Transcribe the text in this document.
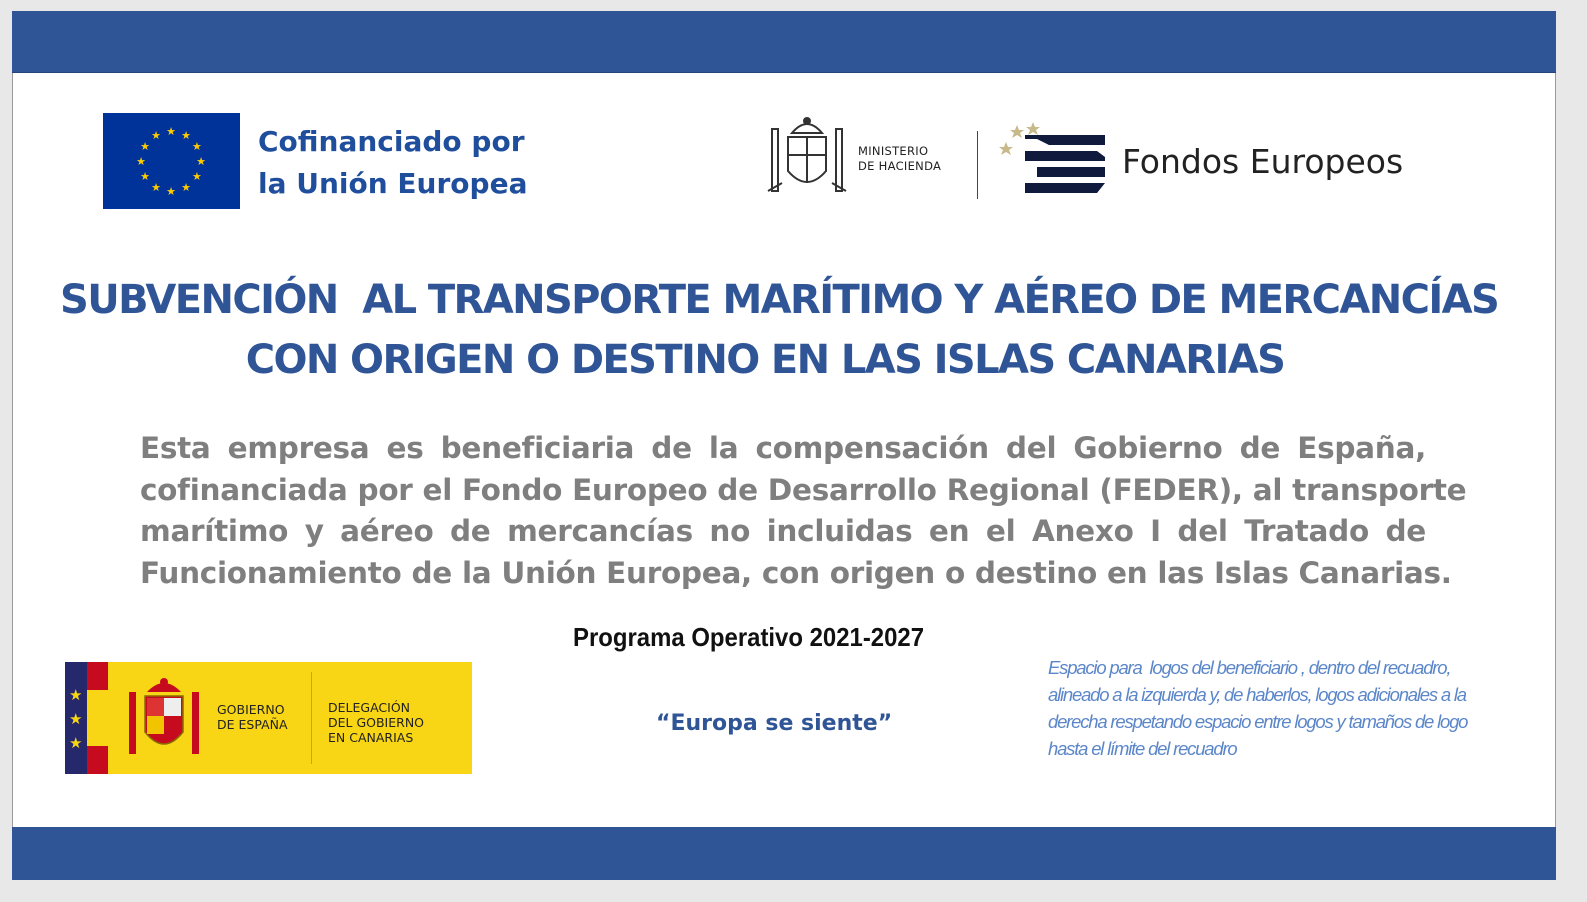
★ ★
★
★
★
★
★
★
★
★
★
★	Cofinanciado por
la Unión Europea
MINISTERIO
DE HACIENDA	Fondos Europeos
SUBVENCIÓN  AL TRANSPORTE MARÍTIMO Y AÉREO DE MERCANCÍAS
CON ORIGEN O DESTINO EN LAS ISLAS CANARIAS
Esta empresa es beneficiaria de la compensación del Gobierno de España,
cofinanciada por el Fondo Europeo de Desarrollo Regional (FEDER), al transporte
marítimo y aéreo de mercancías no incluidas en el Anexo I del Tratado de
Funcionamiento de la Unión Europea, con origen o destino en las Islas Canarias.
Programa Operativo 2021-2027
“Europa se siente”
★
★
★
GOBIERNO
DE ESPAÑA
DELEGACIÓN
DEL GOBIERNO
EN CANARIAS
Espacio para  logos del beneficiario , dentro del recuadro,
alineado a la izquierda y, de haberlos, logos adicionales a la
derecha respetando espacio entre logos y tamaños de logo
hasta el límite del recuadro
